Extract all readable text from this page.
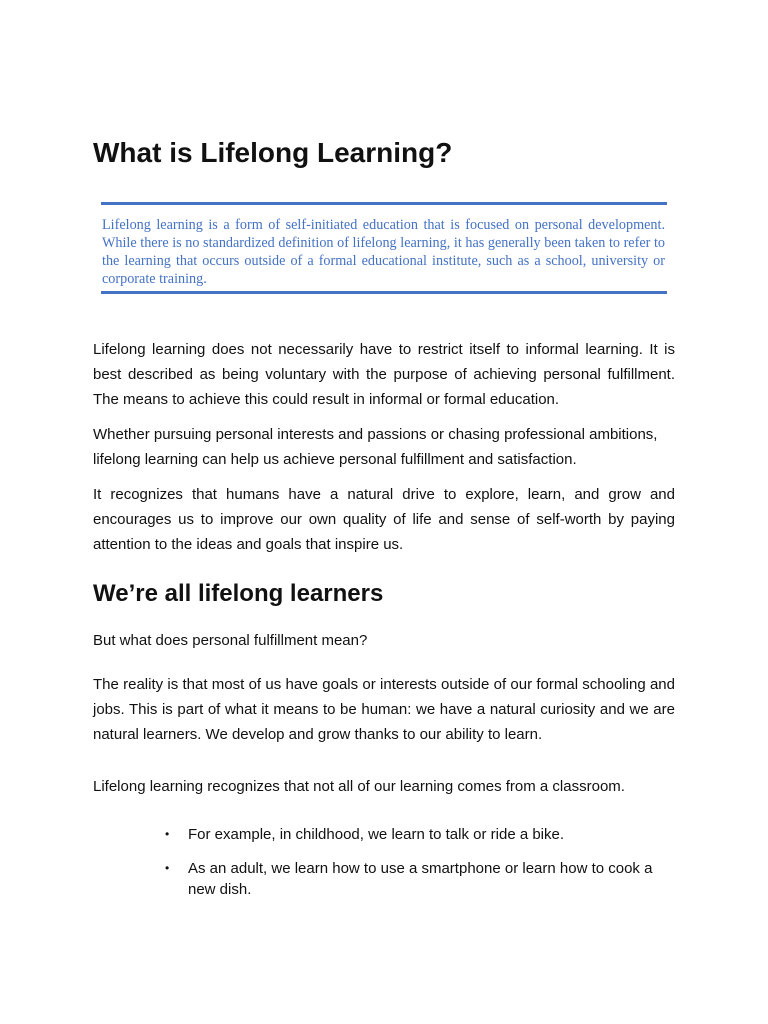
What is Lifelong Learning?

Lifelong learning is a form of self-initiated education that is focused on personal development. While there is no standardized definition of lifelong learning, it has generally been taken to refer to the learning that occurs outside of a formal educational institute, such as a school, university or corporate training.

Lifelong learning does not necessarily have to restrict itself to informal learning. It is best described as being voluntary with the purpose of achieving personal fulfillment. The means to achieve this could result in informal or formal education.

Whether pursuing personal interests and passions or chasing professional ambitions, lifelong learning can help us achieve personal fulfillment and satisfaction.

It recognizes that humans have a natural drive to explore, learn, and grow and encourages us to improve our own quality of life and sense of self-worth by paying attention to the ideas and goals that inspire us.

We’re all lifelong learners

But what does personal fulfillment mean?

The reality is that most of us have goals or interests outside of our formal schooling and jobs. This is part of what it means to be human: we have a natural curiosity and we are natural learners. We develop and grow thanks to our ability to learn.

Lifelong learning recognizes that not all of our learning comes from a classroom.

• For example, in childhood, we learn to talk or ride a bike.
• As an adult, we learn how to use a smartphone or learn how to cook a new dish.
